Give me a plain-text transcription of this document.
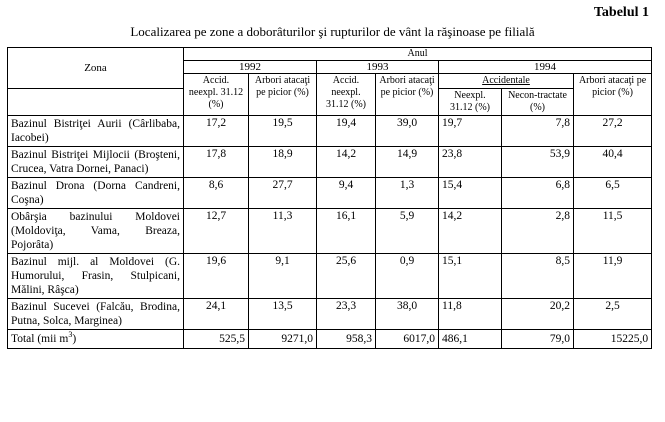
Tabelul 1
Localizarea pe zone a doborâturilor şi rupturilor de vânt la răşinoase pe filială
Zona	Anul						
	1992		1993		1994		
	Accid. neexpl. 31.12 (%)	Arbori atacaţi pe picior (%)	Accid. neexpl. 31.12 (%)	Arbori atacaţi pe picior (%)	Accidentale		Arbori atacaţi pe picior (%)
					Neexpl. 31.12 (%)	Necon-tractate (%)	
Bazinul Bistriţei Aurii (Cârlibaba, Iacobei)	17,2	19,5	19,4	39,0	19,7	7,8	27,2
Bazinul Bistriţei Mijlocii (Broşteni, Crucea, Vatra Dornei, Panaci)	17,8	18,9	14,2	14,9	23,8	53,9	40,4
Bazinul Drona (Dorna Candreni, Coşna)	8,6	27,7	9,4	1,3	15,4	6,8	6,5
Obârşia bazinului Moldovei (Moldoviţa, Vama, Breaza, Pojorâta)	12,7	11,3	16,1	5,9	14,2	2,8	11,5
Bazinul mijl. al Moldovei (G. Humorului, Frasin, Stulpicani, Mălini, Râşca)	19,6	9,1	25,6	0,9	15,1	8,5	11,9
Bazinul Sucevei (Falcău, Brodina, Putna, Solca, Marginea)	24,1	13,5	23,3	38,0	11,8	20,2	2,5
Total (mii $m^3$)	525,5	9271,0	958,3	6017,0	486,1	79,0	15225,0
